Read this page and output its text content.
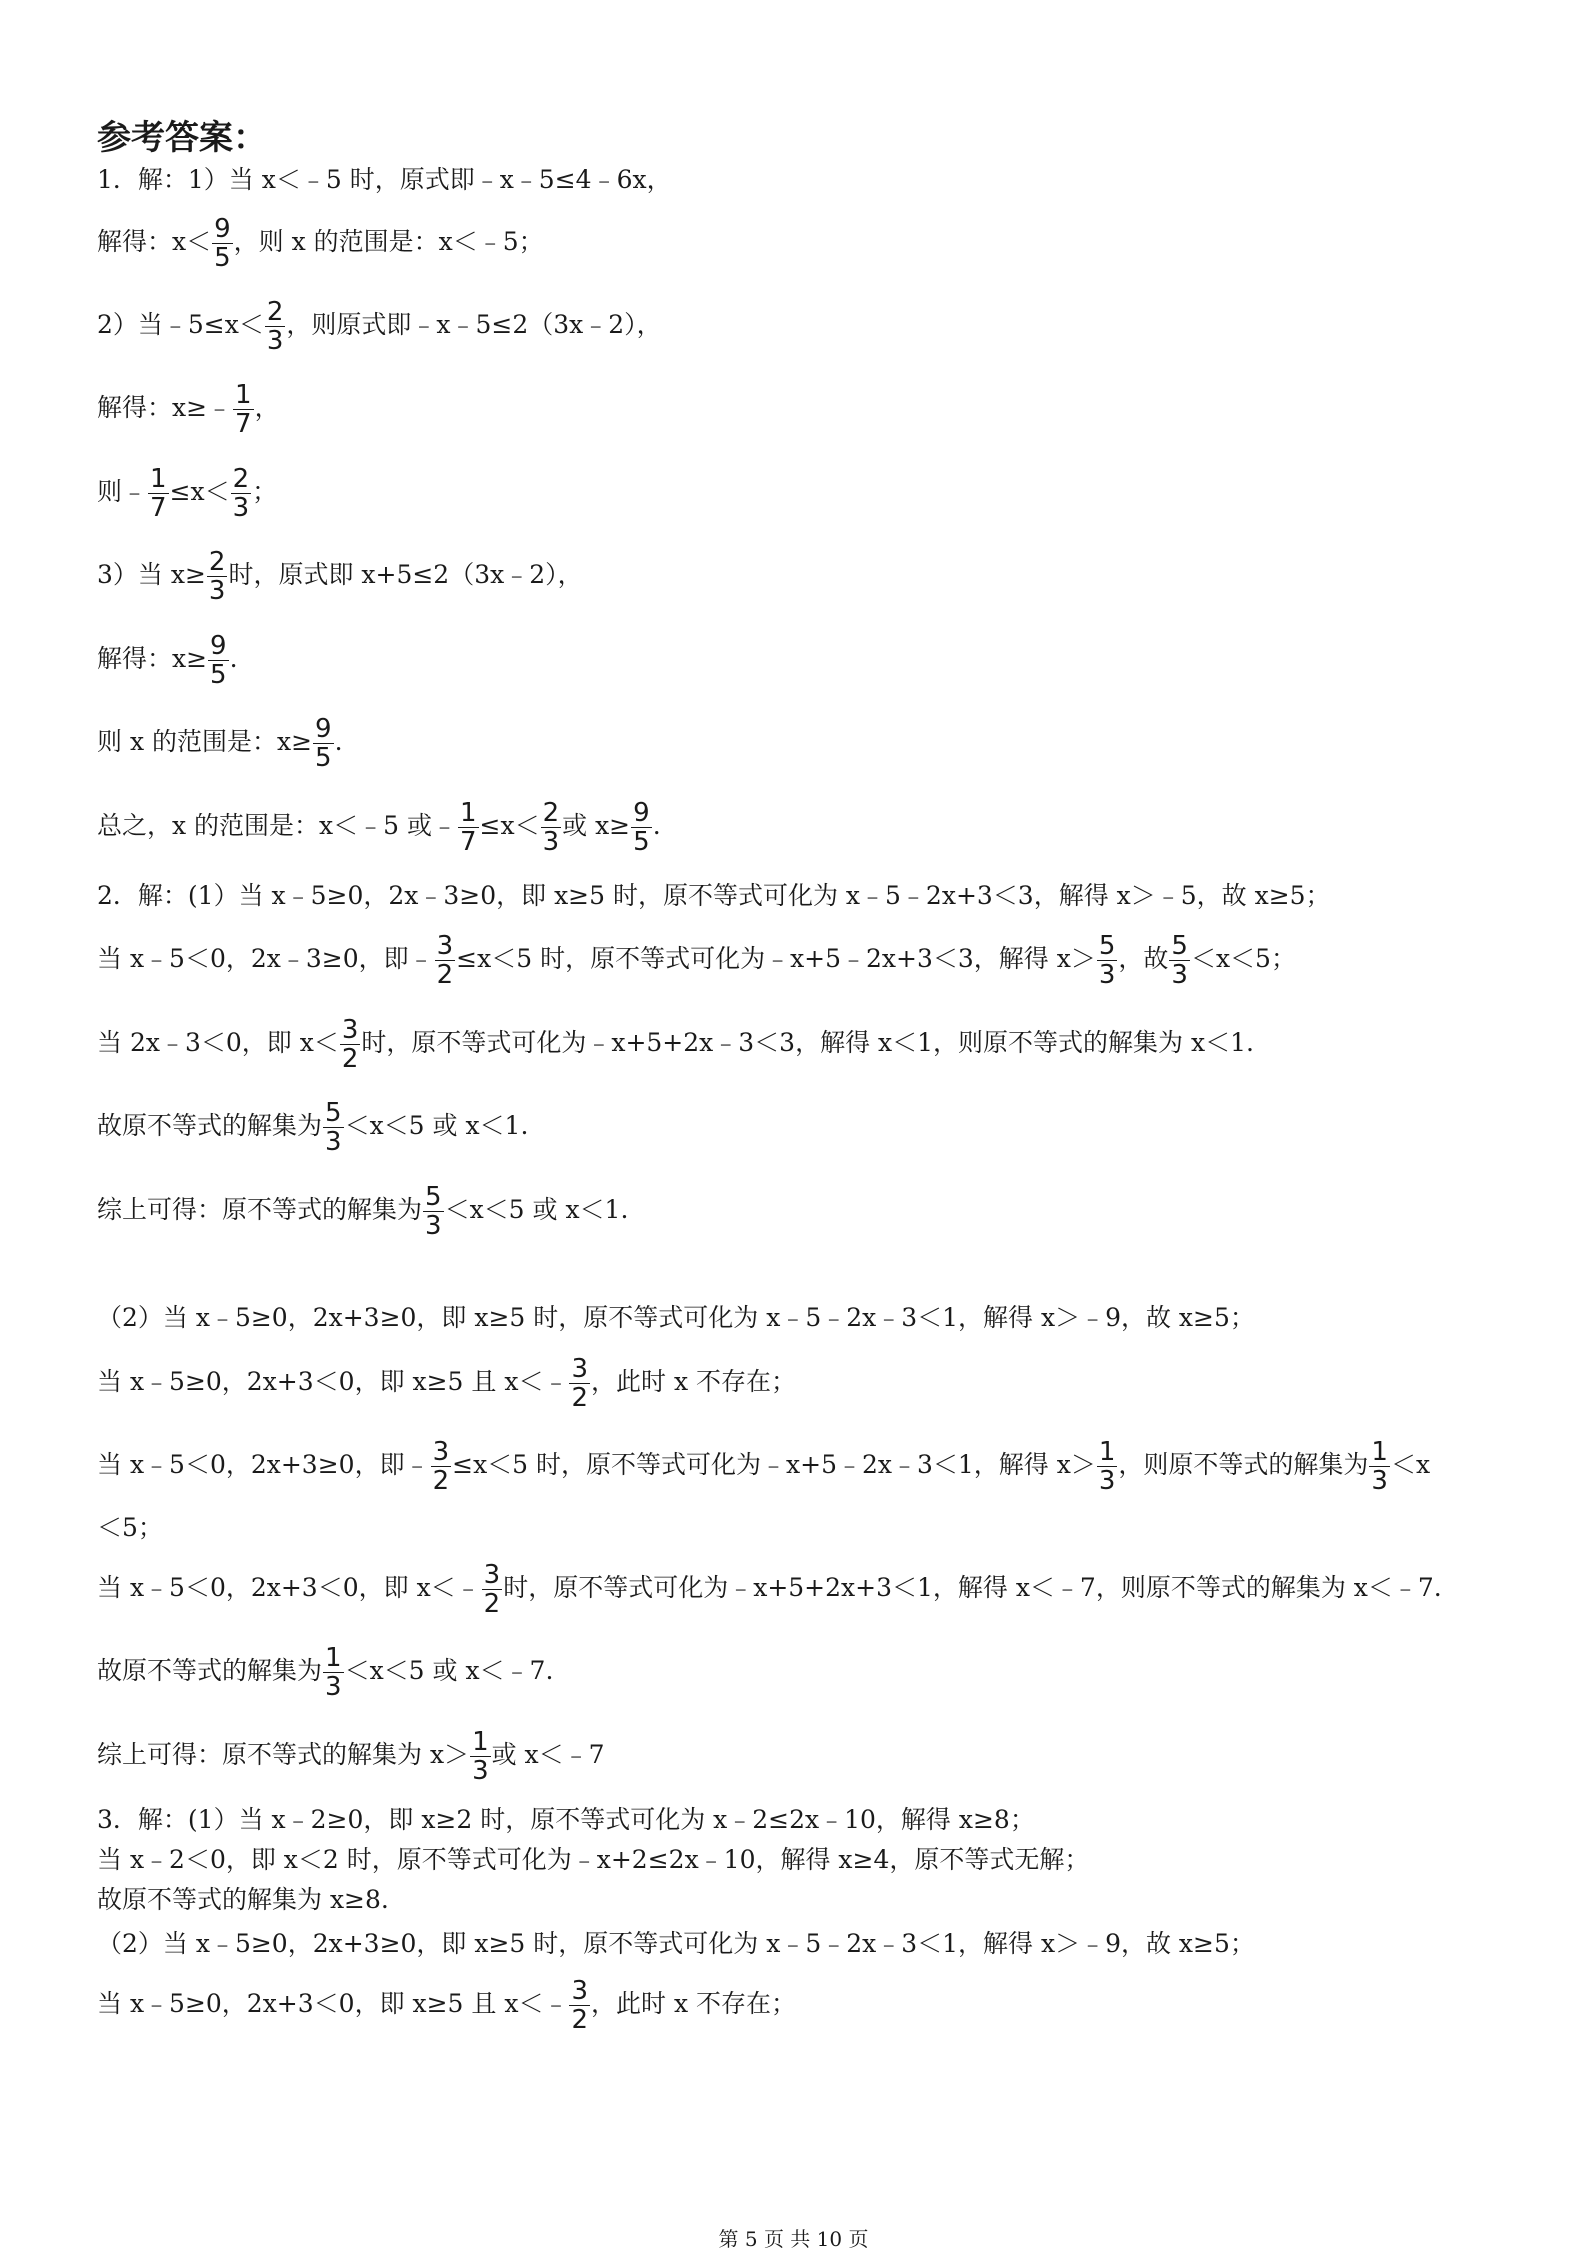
参考答案：
1．解：1）当 x＜﹣5 时，原式即﹣x﹣5≤4﹣6x，
解得：$x< \frac{9}{5}$ ，则 x 的范围是：x＜﹣5；
2）当﹣5≤x＜ $\frac{2}{3}$ ，则原式即﹣x﹣5≤2（3x﹣2），
解得：x≥﹣ $\frac{1}{7}$ ，
则﹣ $\frac{1}{7} \le x< \frac{2}{3}$ ；
3）当 $x\ge \frac{2}{3}$ 时，原式即 x+5≤2（3x﹣2），
解得：$x\ge \frac{9}{5}$ .
则 x 的范围是：$x\ge \frac{9}{5}$ .
总之，x 的范围是：x＜﹣5 或﹣ $\frac{1}{7} \le x< \frac{2}{3}$ 或 $x\ge \frac{9}{5}$ .
2．解：(1）当 x﹣5≥0，2x﹣3≥0，即 x≥5 时，原不等式可化为 x﹣5﹣2x+3＜3，解得 x＞﹣5，故 x≥5；
当 x﹣5＜0，2x﹣3≥0，即﹣ $\frac{3}{2} \le x<5$ 时，原不等式可化为﹣x+5﹣2x+3＜3，解得 $x> \frac{5}{3}$ ，故 $\frac{5}{3} <x<5$；
当 2x﹣3＜0，即 $x< \frac{3}{2}$ 时，原不等式可化为﹣x+5+2x﹣3＜3，解得 x＜1，则原不等式的解集为 x＜1.
故原不等式的解集为 $\frac{5}{3} <x<5$ 或 x＜1.
综上可得：原不等式的解集为 $\frac{5}{3} <x<5$ 或 x＜1.
（2）当 x﹣5≥0，2x+3≥0，即 x≥5 时，原不等式可化为 x﹣5﹣2x﹣3＜1，解得 x＞﹣9，故 x≥5；
当 x﹣5≥0，2x+3＜0，即 x≥5 且 x＜﹣ $\frac{3}{2}$ ，此时 x 不存在；
当 x﹣5＜0，2x+3≥0，即﹣ $\frac{3}{2} \le x<5$ 时，原不等式可化为﹣x+5﹣2x﹣3＜1，解得 $x> \frac{1}{3}$ ，则原不等式的解集为 $\frac{1}{3} <x$
＜5；
当 x﹣5＜0，2x+3＜0，即 x＜﹣ $\frac{3}{2}$ 时，原不等式可化为﹣x+5+2x+3＜1，解得 x＜﹣7，则原不等式的解集为 x＜﹣7.
故原不等式的解集为 $\frac{1}{3} <x<5$ 或 x＜﹣7.
综上可得：原不等式的解集为 $x> \frac{1}{3}$ 或 x＜﹣7
3．解：(1）当 x﹣2≥0，即 x≥2 时，原不等式可化为 x﹣2≤2x﹣10，解得 x≥8；
当 x﹣2＜0，即 x＜2 时，原不等式可化为﹣x+2≤2x﹣10，解得 x≥4，原不等式无解；
故原不等式的解集为 x≥8.
（2）当 x﹣5≥0，2x+3≥0，即 x≥5 时，原不等式可化为 x﹣5﹣2x﹣3＜1，解得 x＞﹣9，故 x≥5；
当 x﹣5≥0，2x+3＜0，即 x≥5 且 x＜﹣ $\frac{3}{2}$ ，此时 x 不存在；
第 5 页 共 10 页
